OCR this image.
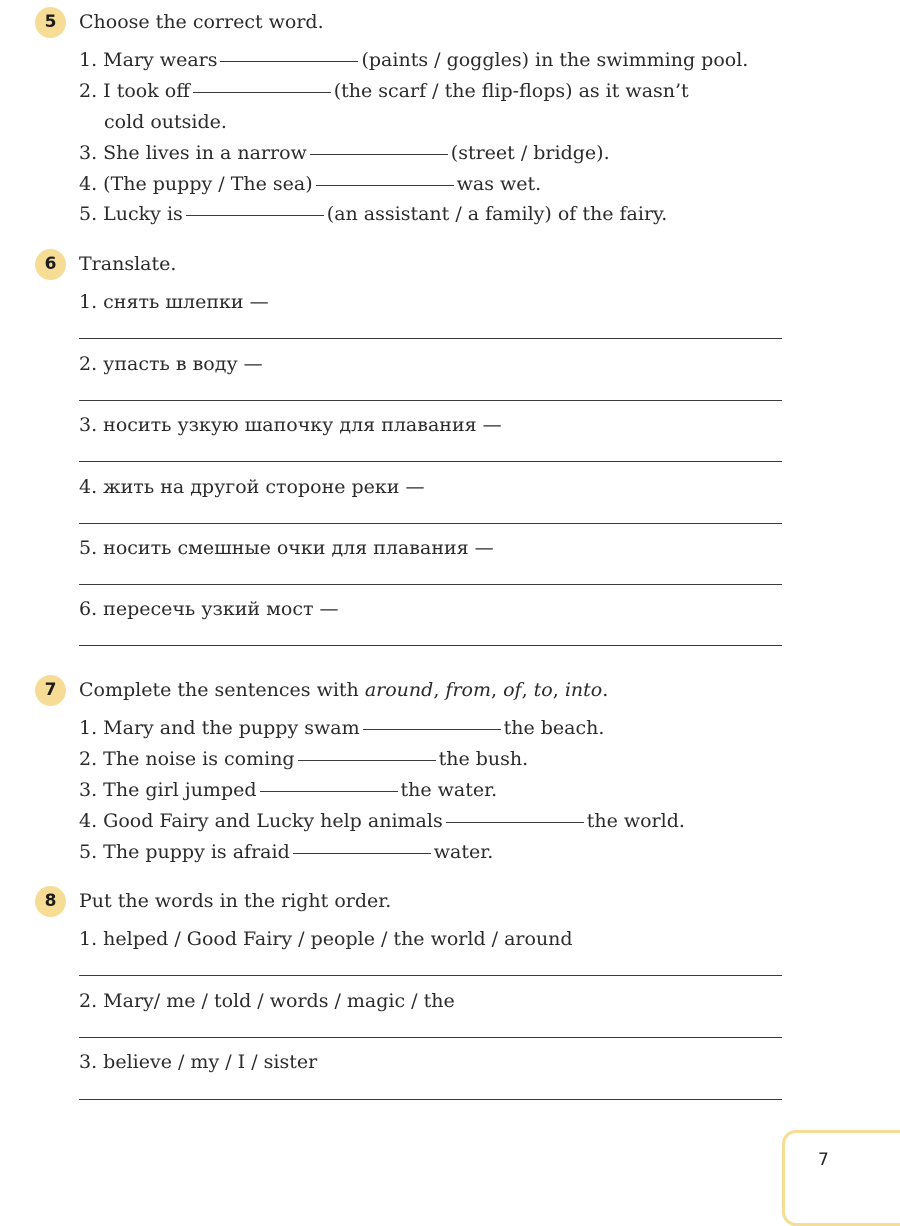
5	Choose the correct word.
1. Mary wears	(paints / goggles) in the swimming pool.
2. I took off	(the scarf / the flip-flops) as it wasn’t
cold outside.
3. She lives in a narrow	(street / bridge).
4. (The puppy / The sea)	was wet.
5. Lucky is	(an assistant / a family) of the fairy.
6	Translate.
1. снять шлепки —
2. упасть в воду —
3. носить узкую шапочку для плавания —
4. жить на другой стороне реки —
5. носить смешные очки для плавания —
6. пересечь узкий мост —
7	Complete the sentences with around, from, of, to, into.
1. Mary and the puppy swam	the beach.
2. The noise is coming	the bush.
3. The girl jumped	the water.
4. Good Fairy and Lucky help animals	the world.
5. The puppy is afraid	water.
8	Put the words in the right order.
1. helped / Good Fairy / people / the world / around
2. Mary/ me / told / words / magic / the
3. believe / my / I / sister
7
